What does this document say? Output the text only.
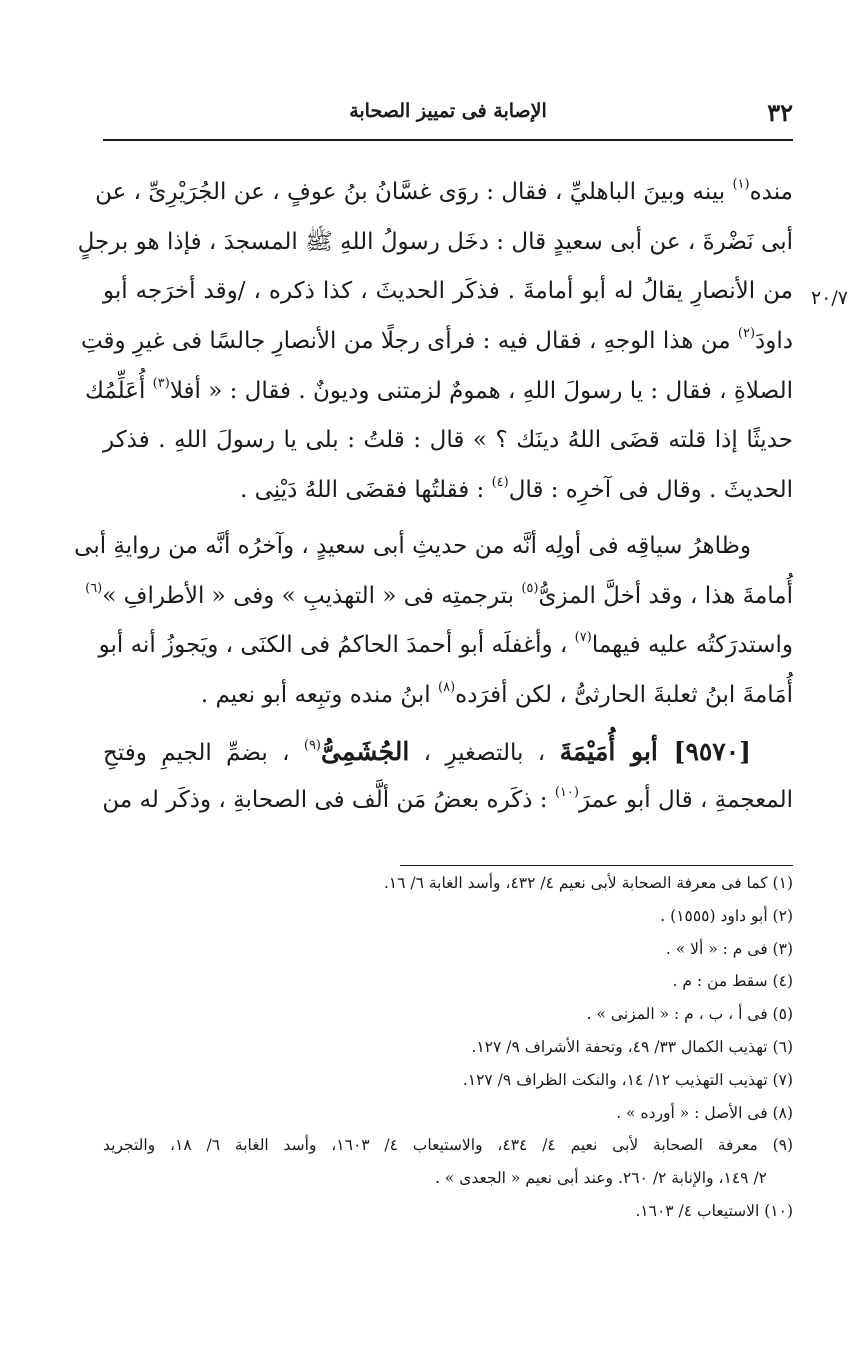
٣٢
الإصابة فى تمييز الصحابة
٢٠/٧
منده$^{(١)}$ بينه وبينَ الباهليِّ ، فقال : روَى غسَّانُ بنُ عوفٍ ، عن الجُرَيْرِىِّ ، عن
أبى نَضْرةَ ، عن أبى سعيدٍ قال : دخَل رسولُ اللهِ ﷺ المسجدَ ، فإذا هو برجلٍ
من الأنصارِ يقالُ له أبو أمامةَ . فذكَر الحديثَ ، كذا ذكره ، /وقد أخرَجه أبو
داودَ$^{(٢)}$ من هذا الوجهِ ، فقال فيه : فرأى رجلًا من الأنصارِ جالسًا فى غيرِ وقتِ
الصلاةِ ، فقال : يا رسولَ اللهِ ، همومٌ لزمتنى وديونٌ . فقال : « أفلا$^{(٣)}$ أُعَلِّمُك
حديثًا إذا قلته قضَى اللهُ دينَك ؟ » قال : قلتُ : بلى يا رسولَ اللهِ . فذكر
الحديثَ . وقال فى آخرِه : قال$^{(٤)}$ : فقلتُها فقضَى اللهُ دَيْنِى .
وظاهرُ سياقِه فى أولِه أنَّه من حديثِ أبى سعيدٍ ، وآخرُه أنَّه من روايةِ أبى
أُمامةَ هذا ، وقد أخلَّ المزىُّ$^{(٥)}$ بترجمتِه فى « التهذيبِ » وفى « الأطرافِ »$^{(٦)}$
واستدرَكتُه عليه فيهما$^{(٧)}$ ، وأغفلَه أبو أحمدَ الحاكمُ فى الكنَى ، ويَجوزُ أنه أبو
أُمَامةَ ابنُ ثعلبةَ الحارثىُّ ، لكن أفرَده$^{(٨)}$ ابنُ منده وتبِعه أبو نعيم .
[٩٥٧٠] أبو أُمَيْمَةَ ، بالتصغيرِ ، الجُشَمِىُّ$^{(٩)}$ ، بضمِّ الجيمِ وفتحِ
المعجمةِ ، قال أبو عمرَ$^{(١٠)}$ : ذكَره بعضُ مَن ألَّف فى الصحابةِ ، وذكَر له من
(١) كما فى معرفة الصحابة لأبى نعيم ٤/ ٤٣٢، وأسد الغابة ٦/ ١٦.
(٢) أبو داود (١٥٥٥) .
(٣) فى م : « ألا » .
(٤) سقط من : م .
(٥) فى أ ، ب ، م : « المزنى » .
(٦) تهذيب الكمال ٣٣/ ٤٩، وتحفة الأشراف ٩/ ١٢٧.
(٧) تهذيب التهذيب ١٢/ ١٤، والنكت الظراف ٩/ ١٢٧.
(٨) فى الأصل : « أورده » .
(٩) معرفة الصحابة لأبى نعيم ٤/ ٤٣٤، والاستيعاب ٤/ ١٦٠٣، وأسد الغابة ٦/ ١٨، والتجريد
٢/ ١٤٩، والإنابة ٢/ ٢٦٠. وعند أبى نعيم « الجعدى » .
(١٠) الاستيعاب ٤/ ١٦٠٣.
